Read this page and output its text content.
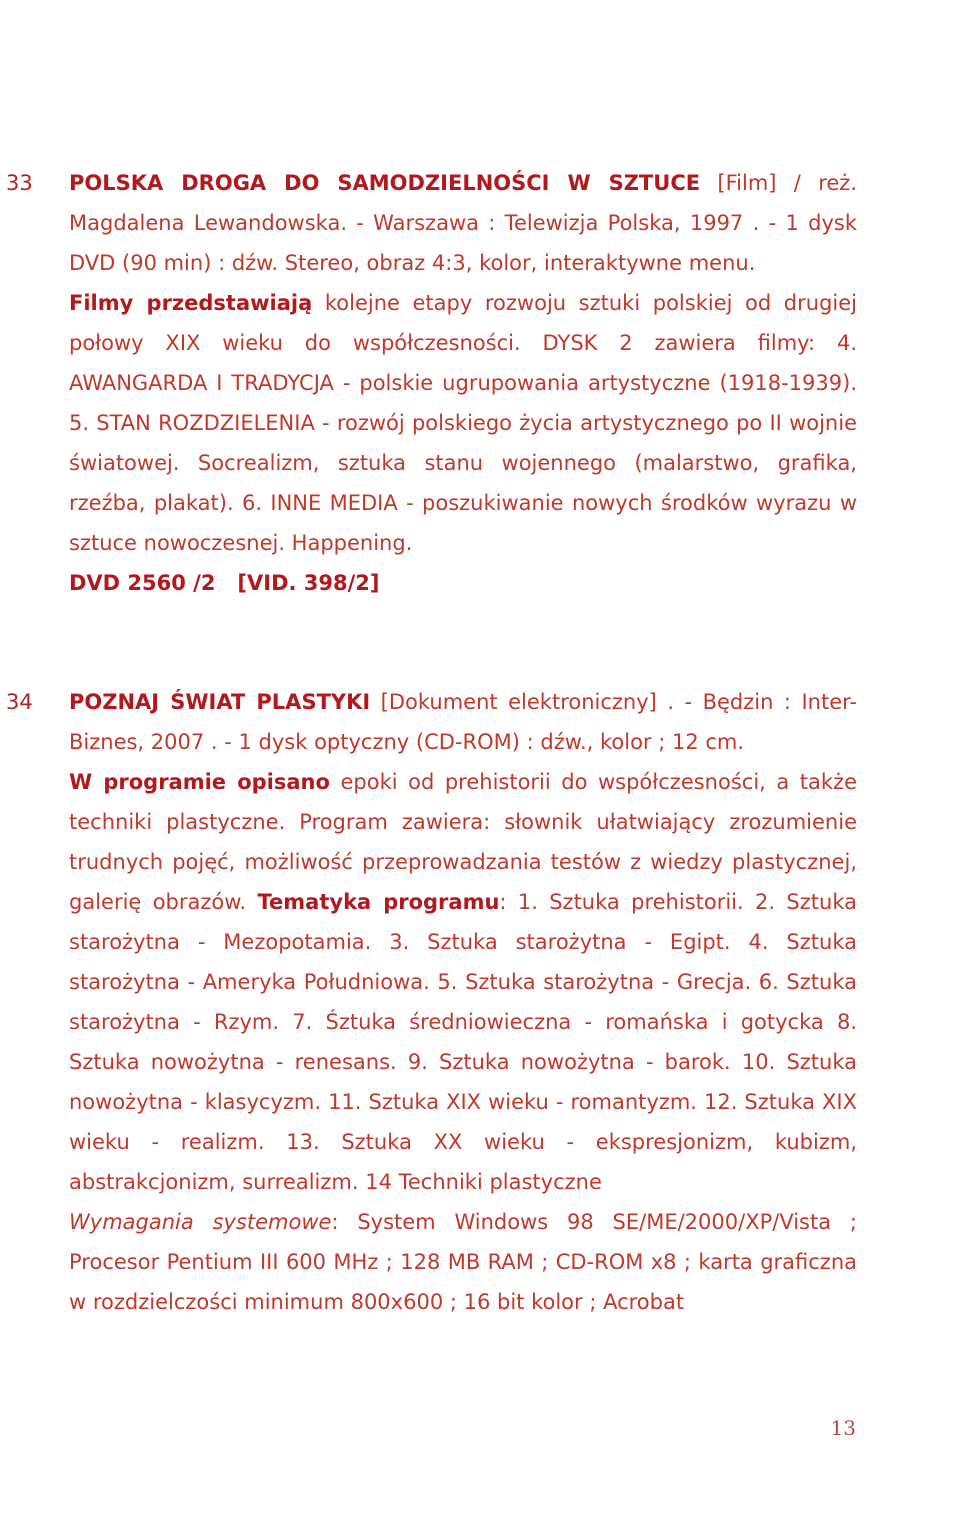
33 POLSKA DROGA DO SAMODZIELNOŚCI W SZTUCE [Film] / reż. Magdalena Lewandowska. - Warszawa : Telewizja Polska, 1997 . - 1 dysk DVD (90 min) : dźw. Stereo, obraz 4:3, kolor, interaktywne menu.

Filmy przedstawiają kolejne etapy rozwoju sztuki polskiej od drugiej połowy XIX wieku do współczesności. DYSK 2 zawiera filmy: 4. AWANGARDA I TRADYCJA - polskie ugrupowania artystyczne (1918-1939). 5. STAN ROZDZIELENIA - rozwój polskiego życia artystycznego po II wojnie światowej. Socrealizm, sztuka stanu wojennego (malarstwo, grafika, rzeźba, plakat). 6. INNE MEDIA - poszukiwanie nowych środków wyrazu w sztuce nowoczesnej. Happening.

DVD 2560 /2   [VID. 398/2]

34 POZNAJ ŚWIAT PLASTYKI [Dokument elektroniczny] . - Będzin : Inter-Biznes, 2007 . - 1 dysk optyczny (CD-ROM) : dźw., kolor ; 12 cm.

W programie opisano epoki od prehistorii do współczesności, a także techniki plastyczne. Program zawiera: słownik ułatwiający zrozumienie trudnych pojęć, możliwość przeprowadzania testów z wiedzy plastycznej, galerię obrazów. Tematyka programu: 1. Sztuka prehistorii. 2. Sztuka starożytna - Mezopotamia. 3. Sztuka starożytna - Egipt. 4. Sztuka starożytna - Ameryka Południowa. 5. Sztuka starożytna - Grecja. 6. Sztuka starożytna - Rzym. 7. Śztuka średniowieczna - romańska i gotycka 8. Sztuka nowożytna - renesans. 9. Sztuka nowożytna - barok. 10. Sztuka nowożytna - klasycyzm. 11. Sztuka XIX wieku - romantyzm. 12. Sztuka XIX wieku - realizm. 13. Sztuka XX wieku - ekspresjonizm, kubizm, abstrakcjonizm, surrealizm. 14 Techniki plastyczne

Wymagania systemowe: System Windows 98 SE/ME/2000/XP/Vista ; Procesor Pentium III 600 MHz ; 128 MB RAM ; CD-ROM x8 ; karta graficzna w rozdzielczości minimum 800x600 ; 16 bit kolor ; Acrobat

13
